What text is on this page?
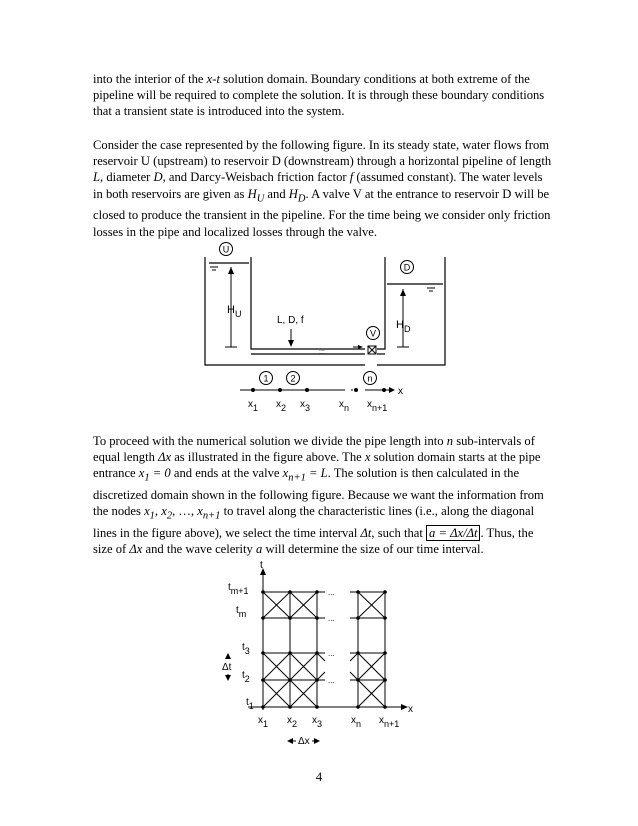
into the interior of the x-t solution domain. Boundary conditions at both extreme of the pipeline will be required to complete the solution. It is through these boundary conditions that a transient state is introduced into the system.

Consider the case represented by the following figure. In its steady state, water flows from reservoir U (upstream) to reservoir D (downstream) through a horizontal pipeline of length L, diameter D, and Darcy-Weisbach friction factor f (assumed constant). The water levels in both reservoirs are given as $H_U$ and $H_D$. A valve V at the entrance to reservoir D will be closed to produce the transient in the pipeline. For the time being we consider only friction losses in the pipe and localized losses through the valve.

U
D
$H_U$
$H_D$
L, D, f
:::
V
1 2	n
x
x1 x2 x3	xn xn+1

To proceed with the numerical solution we divide the pipe length into n sub-intervals of equal length Δx as illustrated in the figure above. The x solution domain starts at the pipe entrance $x_1 = 0$ and ends at the valve $x_{n+1} = L$. The solution is then calculated in the discretized domain shown in the following figure. Because we want the information from the nodes $x_1$, $x_2$, …, $x_{n+1}$ to travel along the characteristic lines (i.e., along the diagonal lines in the figure above), we select the time interval Δt, such that a = Δx/Δt . Thus, the size of Δx and the wave celerity a will determine the size of our time interval.

t
x
...
...
...
...
tm+1
tm
t3
t2
t1
Δt
x1 x2 x3	xn xn+1
Δx
4
